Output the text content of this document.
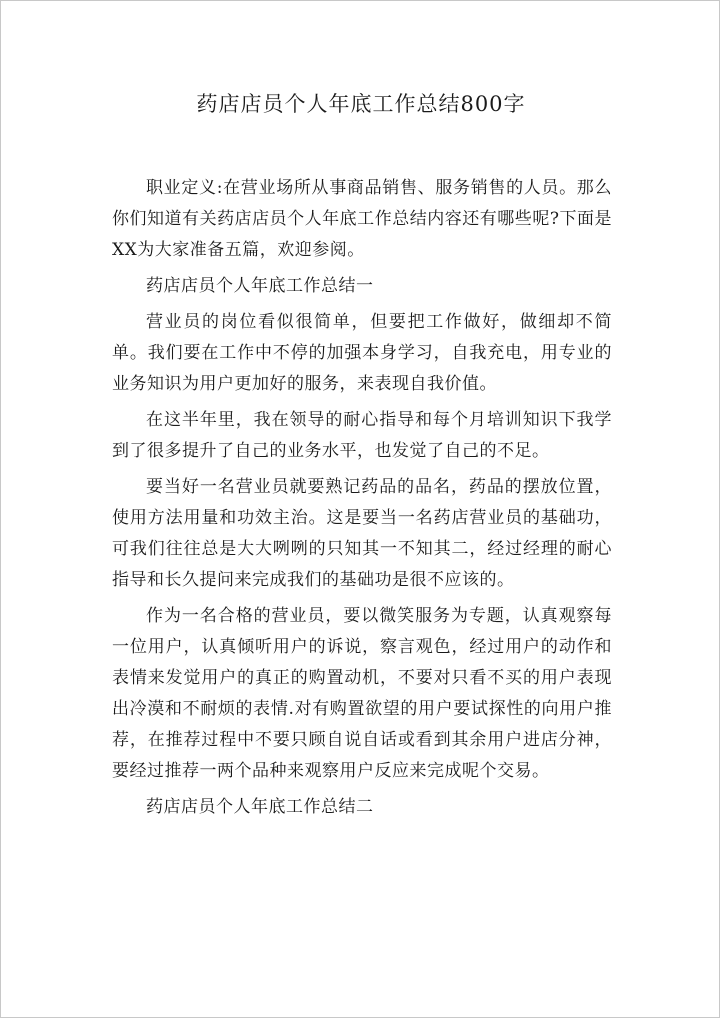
药店店员个人年底工作总结800字

职业定义:在营业场所从事商品销售、服务销售的人员。那么你们知道有关药店店员个人年底工作总结内容还有哪些呢?下面是XX为大家准备五篇，欢迎参阅。

药店店员个人年底工作总结一

营业员的岗位看似很简单，但要把工作做好，做细却不简单。我们要在工作中不停的加强本身学习，自我充电，用专业的业务知识为用户更加好的服务，来表现自我价值。

在这半年里，我在领导的耐心指导和每个月培训知识下我学到了很多提升了自己的业务水平，也发觉了自己的不足。

要当好一名营业员就要熟记药品的品名，药品的摆放位置，使用方法用量和功效主治。这是要当一名药店营业员的基础功，可我们往往总是大大咧咧的只知其一不知其二，经过经理的耐心指导和长久提问来完成我们的基础功是很不应该的。

作为一名合格的营业员，要以微笑服务为专题，认真观察每一位用户，认真倾听用户的诉说，察言观色，经过用户的动作和表情来发觉用户的真正的购置动机，不要对只看不买的用户表现出冷漠和不耐烦的表情.对有购置欲望的用户要试探性的向用户推荐，在推荐过程中不要只顾自说自话或看到其余用户进店分神，要经过推荐一两个品种来观察用户反应来完成呢个交易。

药店店员个人年底工作总结二
